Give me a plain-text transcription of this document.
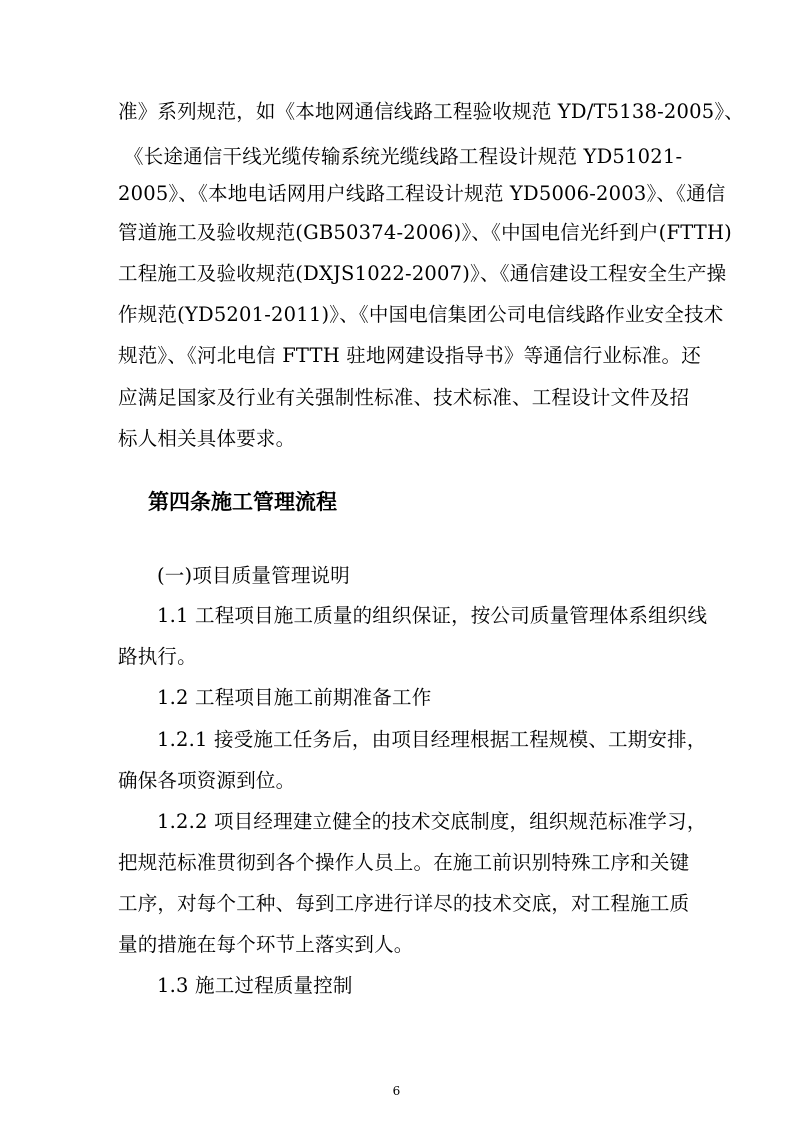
准》系列规范，如《本地网通信线路工程验收规范 YD/T5138-2005》、
《长途通信干线光缆传输系统光缆线路工程设计规范 YD51021-
2005》、《本地电话网用户线路工程设计规范 YD5006-2003》、《通信
管道施工及验收规范(GB50374-2006)》、《中国电信光纤到户(FTTH)
工程施工及验收规范(DXJS1022-2007)》、《通信建设工程安全生产操
作规范(YD5201-2011)》、《中国电信集团公司电信线路作业安全技术
规范》、《河北电信 FTTH 驻地网建设指导书》等通信行业标准。还
应满足国家及行业有关强制性标准、技术标准、工程设计文件及招
标人相关具体要求。
第四条施工管理流程
(一)项目质量管理说明
1.1 工程项目施工质量的组织保证，按公司质量管理体系组织线
路执行。
1.2 工程项目施工前期准备工作
1.2.1 接受施工任务后，由项目经理根据工程规模、工期安排，
确保各项资源到位。
1.2.2 项目经理建立健全的技术交底制度，组织规范标准学习，
把规范标准贯彻到各个操作人员上。在施工前识别特殊工序和关键
工序，对每个工种、每到工序进行详尽的技术交底，对工程施工质
量的措施在每个环节上落实到人。
1.3 施工过程质量控制
6
